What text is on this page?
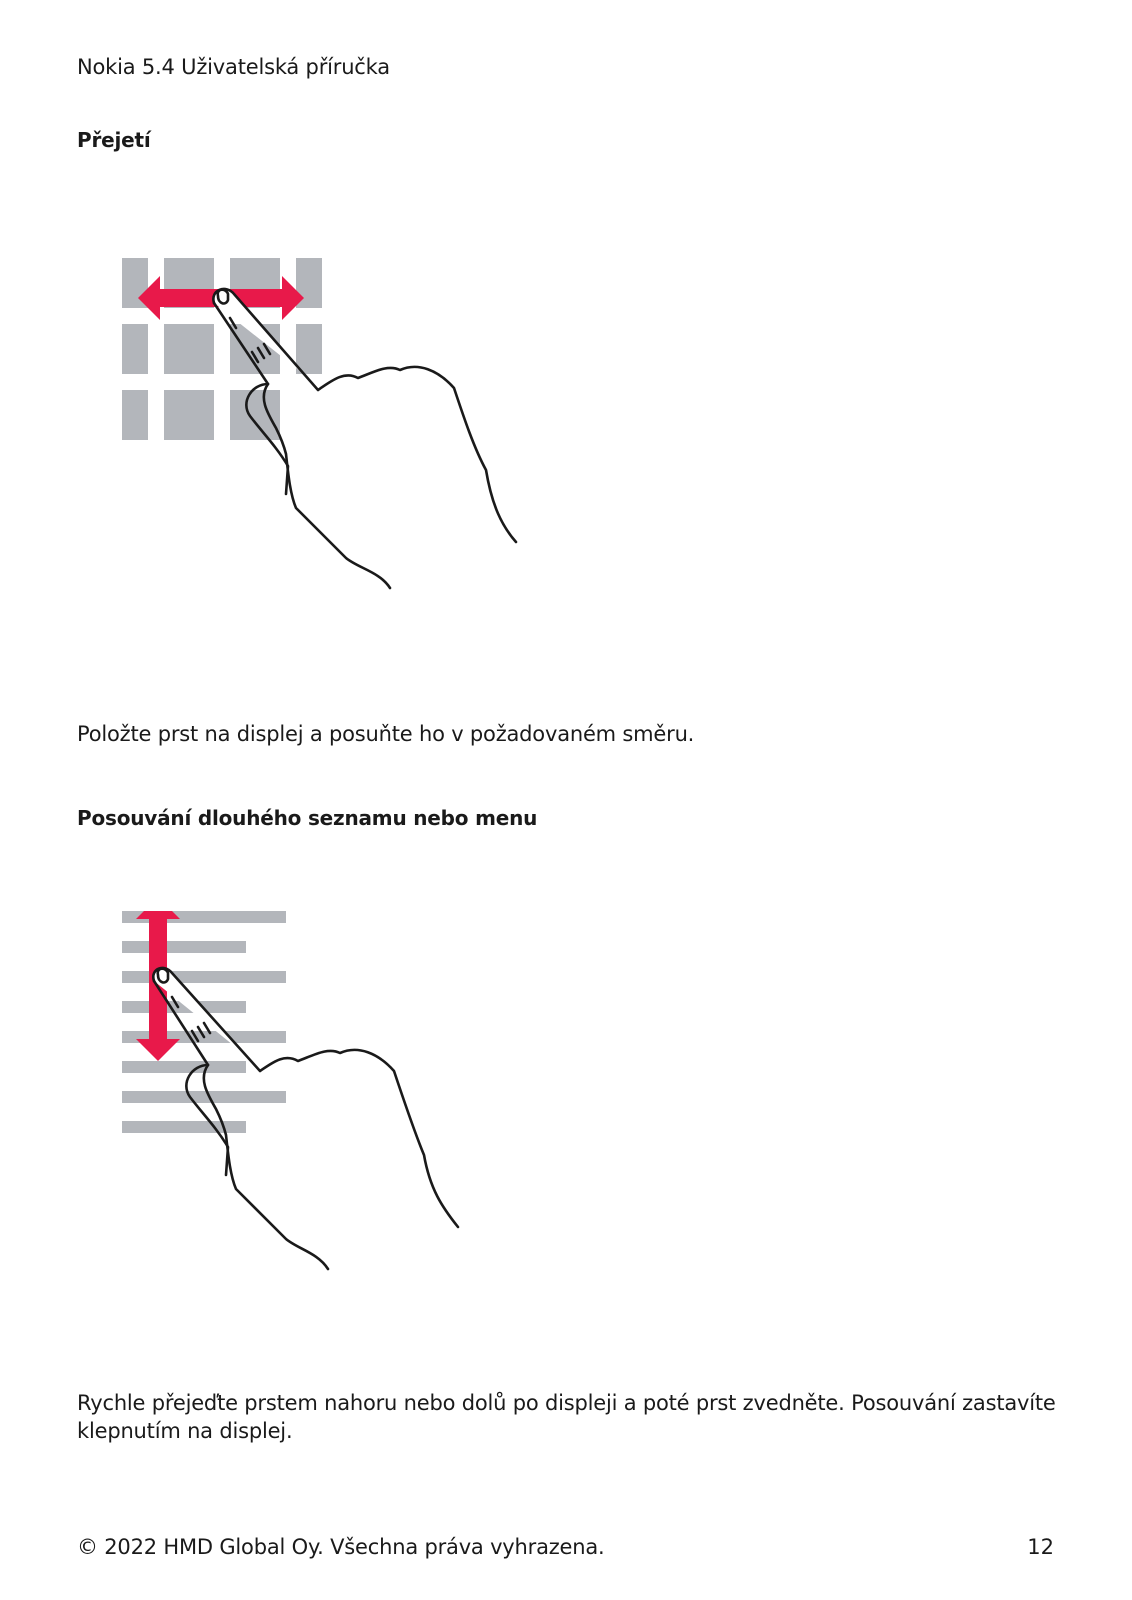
Nokia 5.4 Uživatelská příručka
Přejetí
Položte prst na displej a posuňte ho v požadovaném směru.
Posouvání dlouhého seznamu nebo menu
Rychle přejeďte prstem nahoru nebo dolů po displeji a poté prst zvedněte. Posouvání zastavíte klepnutím na displej.
© 2022 HMD Global Oy. Všechna práva vyhrazena.	12
